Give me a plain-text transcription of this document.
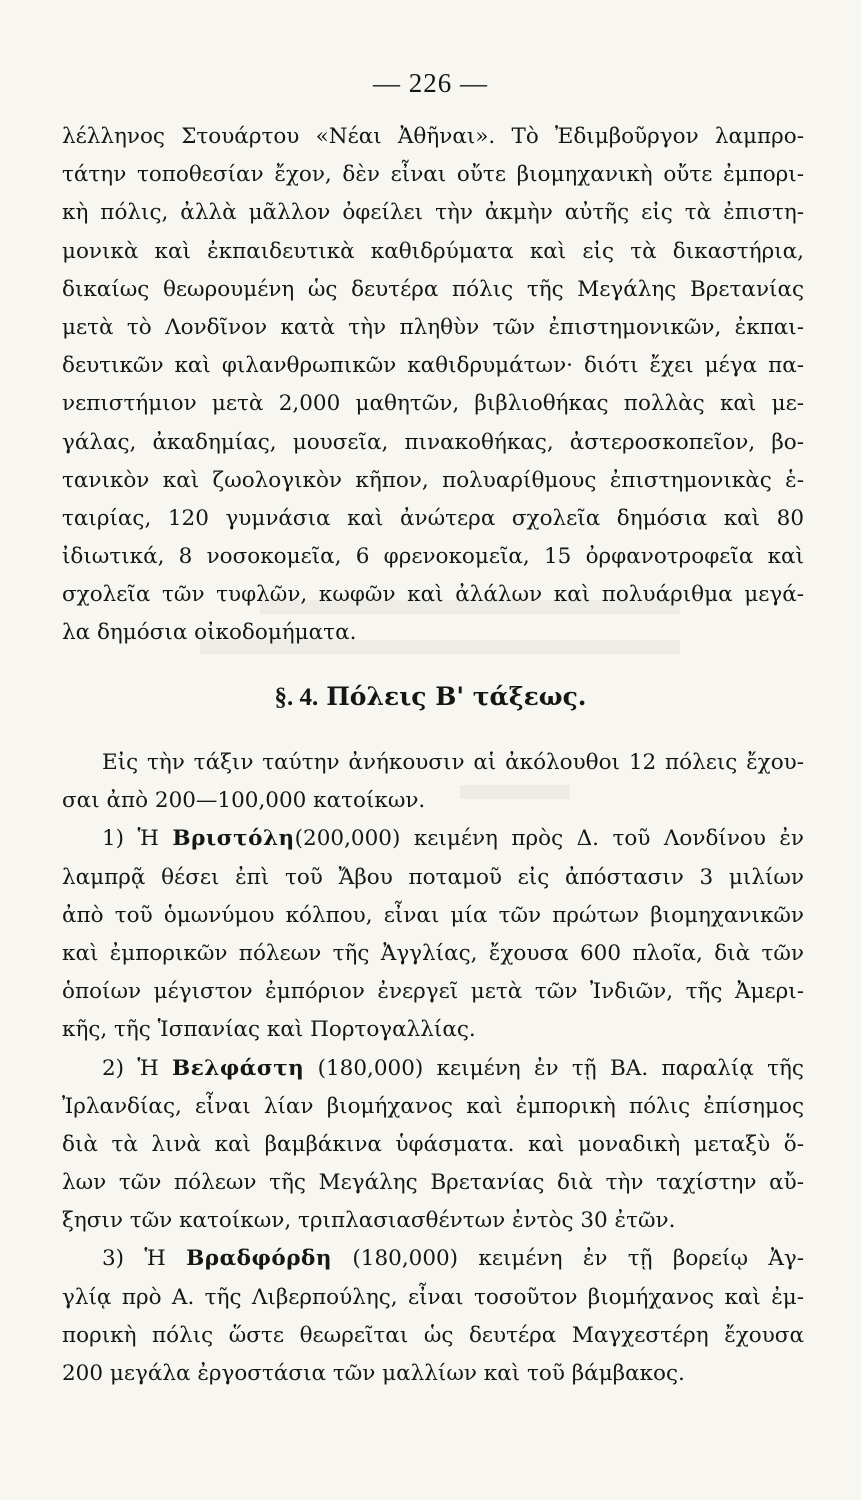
— 226 —
λέλληνος Στουάρτου «Νέαι Ἀθῆναι». Τὸ Ἐδιμβοῦργον λαμπρο-
τάτην τοποθεσίαν ἔχον, δὲν εἶναι οὔτε βιομηχανικὴ οὔτε ἐμπορι-
κὴ πόλις, ἀλλὰ μᾶλλον ὀφείλει τὴν ἀκμὴν αὐτῆς εἰς τὰ ἐπιστη-
μονικὰ καὶ ἐκπαιδευτικὰ καθιδρύματα καὶ εἰς τὰ δικαστήρια,
δικαίως θεωρουμένη ὡς δευτέρα πόλις τῆς Μεγάλης Βρετανίας
μετὰ τὸ Λονδῖνον κατὰ τὴν πληθὺν τῶν ἐπιστημονικῶν, ἐκπαι-
δευτικῶν καὶ φιλανθρωπικῶν καθιδρυμάτων· διότι ἔχει μέγα πα-
νεπιστήμιον μετὰ 2,000 μαθητῶν, βιβλιοθήκας πολλὰς καὶ με-
γάλας, ἀκαδημίας, μουσεῖα, πινακοθήκας, ἀστεροσκοπεῖον, βο-
τανικὸν καὶ ζωολογικὸν κῆπον, πολυαρίθμους ἐπιστημονικὰς ἑ-
ταιρίας, 120 γυμνάσια καὶ ἀνώτερα σχολεῖα δημόσια καὶ 80
ἰδιωτικά, 8 νοσοκομεῖα, 6 φρενοκομεῖα, 15 ὀρφανοτροφεῖα καὶ
σχολεῖα τῶν τυφλῶν, κωφῶν καὶ ἀλάλων καὶ πολυάριθμα μεγά-
λα δημόσια οἰκοδομήματα.
§. 4. Πόλεις Β' τάξεως.
Εἰς τὴν τάξιν ταύτην ἀνήκουσιν αἱ ἀκόλουθοι 12 πόλεις ἔχου-
σαι ἀπὸ 200—100,000 κατοίκων.
1) Ἡ Βριστόλη(200,000) κειμένη πρὸς Δ. τοῦ Λονδίνου ἐν
λαμπρᾷ θέσει ἐπὶ τοῦ Ἄβου ποταμοῦ εἰς ἀπόστασιν 3 μιλίων
ἀπὸ τοῦ ὁμωνύμου κόλπου, εἶναι μία τῶν πρώτων βιομηχανικῶν
καὶ ἐμπορικῶν πόλεων τῆς Ἀγγλίας, ἔχουσα 600 πλοῖα, διὰ τῶν
ὁποίων μέγιστον ἐμπόριον ἐνεργεῖ μετὰ τῶν Ἰνδιῶν, τῆς Ἀμερι-
κῆς, τῆς Ἱσπανίας καὶ Πορτογαλλίας.
2) Ἡ Βελφάστη (180,000) κειμένη ἐν τῇ ΒΑ. παραλίᾳ τῆς
Ἰρλανδίας, εἶναι λίαν βιομήχανος καὶ ἐμπορικὴ πόλις ἐπίσημος
διὰ τὰ λινὰ καὶ βαμβάκινα ὑφάσματα. καὶ μοναδικὴ μεταξὺ ὅ-
λων τῶν πόλεων τῆς Μεγάλης Βρετανίας διὰ τὴν ταχίστην αὔ-
ξησιν τῶν κατοίκων, τριπλασιασθέντων ἐντὸς 30 ἐτῶν.
3) Ἡ Βραδφόρδη (180,000) κειμένη ἐν τῇ βορείῳ Ἀγ-
γλίᾳ πρὸ Α. τῆς Λιβερπούλης, εἶναι τοσοῦτον βιομήχανος καὶ ἐμ-
πορικὴ πόλις ὥστε θεωρεῖται ὡς δευτέρα Μαγχεστέρη ἔχουσα
200 μεγάλα ἐργοστάσια τῶν μαλλίων καὶ τοῦ βάμβακος.
